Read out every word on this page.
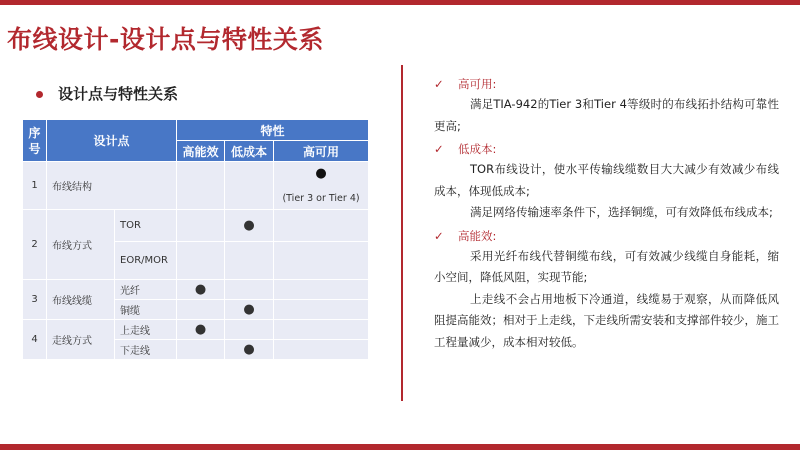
布线设计-设计点与特性关系
设计点与特性关系
序号	设计点		特性		
			高能效	低成本	高可用
1	布线结构				●
(Tier 3 or Tier 4)

2	布线方式	TOR		●	
		EOR/MOR			
3	布线线缆	光纤	●		
		铜缆		●	
4	走线方式	上走线	●		
		下走线		●	
✓	高可用:

满足TIA-942的Tier 3和Tier 4等级时的布线拓扑结构可靠性更高;

✓	低成本:

TOR布线设计，使水平传输线缆数目大大减少有效减少布线成本，体现低成本;

满足网络传输速率条件下，选择铜缆，可有效降低布线成本;

✓	高能效:

采用光纤布线代替铜缆布线，可有效减少线缆自身能耗，缩小空间，降低风阻，实现节能;

上走线不会占用地板下冷通道，线缆易于观察，从而降低风阻提高能效；相对于上走线，下走线所需安装和支撑部件较少，施工工程量减少，成本相对较低。
